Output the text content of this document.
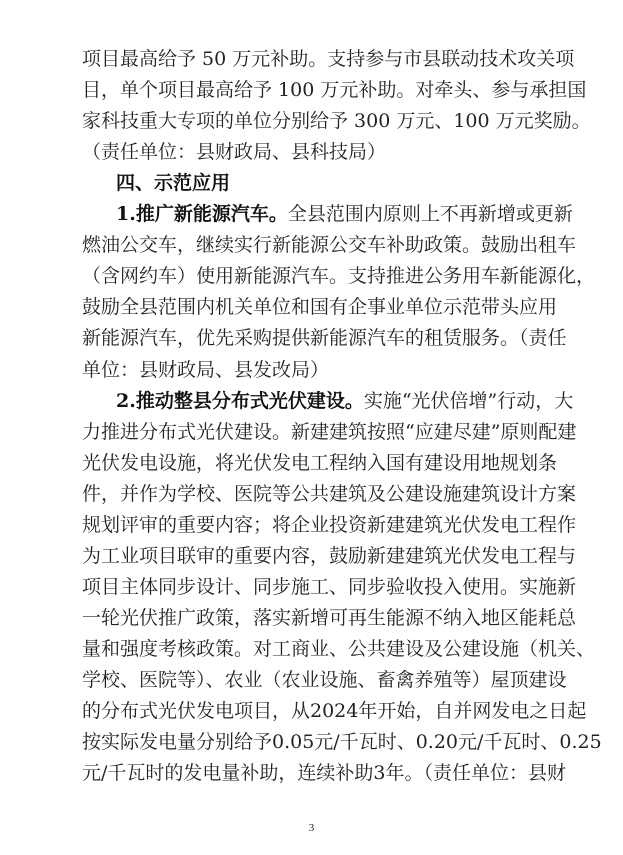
3
项目最高给予 50 万元补助。支持参与市县联动技术攻关项
目，单个项目最高给予 100 万元补助。对牵头、参与承担国
家科技重大专项的单位分别给予 300 万元、100 万元奖励。
（责任单位：县财政局、县科技局）
四、示范应用
1.推广新能源汽车。全县范围内原则上不再新增或更新
燃油公交车，继续实行新能源公交车补助政策。鼓励出租车
（含网约车）使用新能源汽车。支持推进公务用车新能源化，
鼓励全县范围内机关单位和国有企事业单位示范带头应用
新能源汽车，优先采购提供新能源汽车的租赁服务。（责任
单位：县财政局、县发改局）
2.推动整县分布式光伏建设。实施“光伏倍增”行动，大
力推进分布式光伏建设。新建建筑按照“应建尽建”原则配建
光伏发电设施，将光伏发电工程纳入国有建设用地规划条
件，并作为学校、医院等公共建筑及公建设施建筑设计方案
规划评审的重要内容；将企业投资新建建筑光伏发电工程作
为工业项目联审的重要内容，鼓励新建建筑光伏发电工程与
项目主体同步设计、同步施工、同步验收投入使用。实施新
一轮光伏推广政策，落实新增可再生能源不纳入地区能耗总
量和强度考核政策。对工商业、公共建设及公建设施（机关、
学校、医院等）、农业（农业设施、畜禽养殖等）屋顶建设
的分布式光伏发电项目，从2024年开始，自并网发电之日起
按实际发电量分别给予0.05元/千瓦时、0.20元/千瓦时、0.25
元/千瓦时的发电量补助，连续补助3年。（责任单位：县财
